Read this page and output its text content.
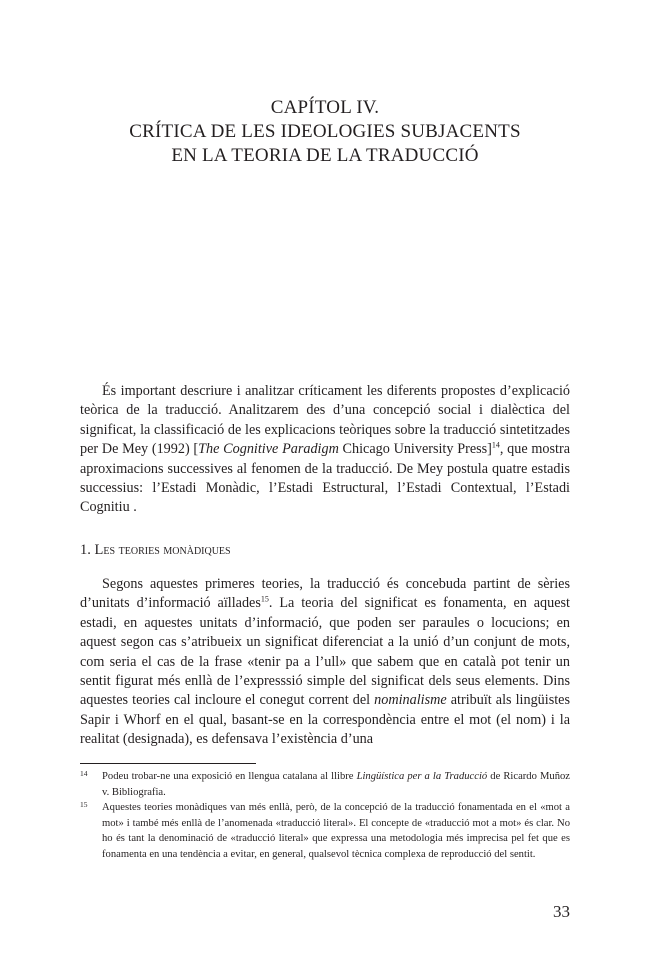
CAPÍTOL IV.
CRÍTICA DE LES IDEOLOGIES SUBJACENTS
EN LA TEORIA DE LA TRADUCCIÓ

És important descriure i analitzar críticament les diferents propostes d’explicació teòrica de la traducció. Analitzarem des d’una concepció social i dialèctica del significat, la classificació de les explicacions teòriques sobre la traducció sintetitzades per De Mey (1992) [The Cognitive Paradigm Chicago University Press]$^{14}$, que mostra aproximacions successives al fenomen de la traducció. De Mey postula quatre estadis successius: l’Estadi Monàdic, l’Estadi Estructural, l’Estadi Contextual, l’Estadi Cognitiu .

1. Les teories monàdiques

Segons aquestes primeres teories, la traducció és concebuda partint de sèries d’unitats d’informació aïllades$^{15}$. La teoria del significat es fonamenta, en aquest estadi, en aquestes unitats d’informació, que poden ser paraules o locucions; en aquest segon cas s’atribueix un significat diferenciat a la unió d’un conjunt de mots, com seria el cas de la frase «tenir pa a l’ull» que sabem que en català pot tenir un sentit figurat més enllà de l’expresssió simple del significat dels seus elements. Dins aquestes teories cal incloure el conegut corrent del nominalisme atribuït als lingüistes Sapir i Whorf en el qual, basant-se en la correspondència entre el mot (el nom) i la realitat (designada), es defensava l’existència d’una

14 Podeu trobar-ne una exposició en llengua catalana al llibre Lingüística per a la Traducció de Ricardo Muñoz v. Bibliografia.
15 Aquestes teories monàdiques van més enllà, però, de la concepció de la traducció fonamentada en el «mot a mot» i també més enllà de l’anomenada «traducció literal». El concepte de «traducció mot a mot» és clar. No ho és tant la denominació de «traducció literal» que expressa una metodologia més imprecisa pel fet que es fonamenta en una tendència a evitar, en general, qualsevol tècnica complexa de reproducció del sentit.
33
